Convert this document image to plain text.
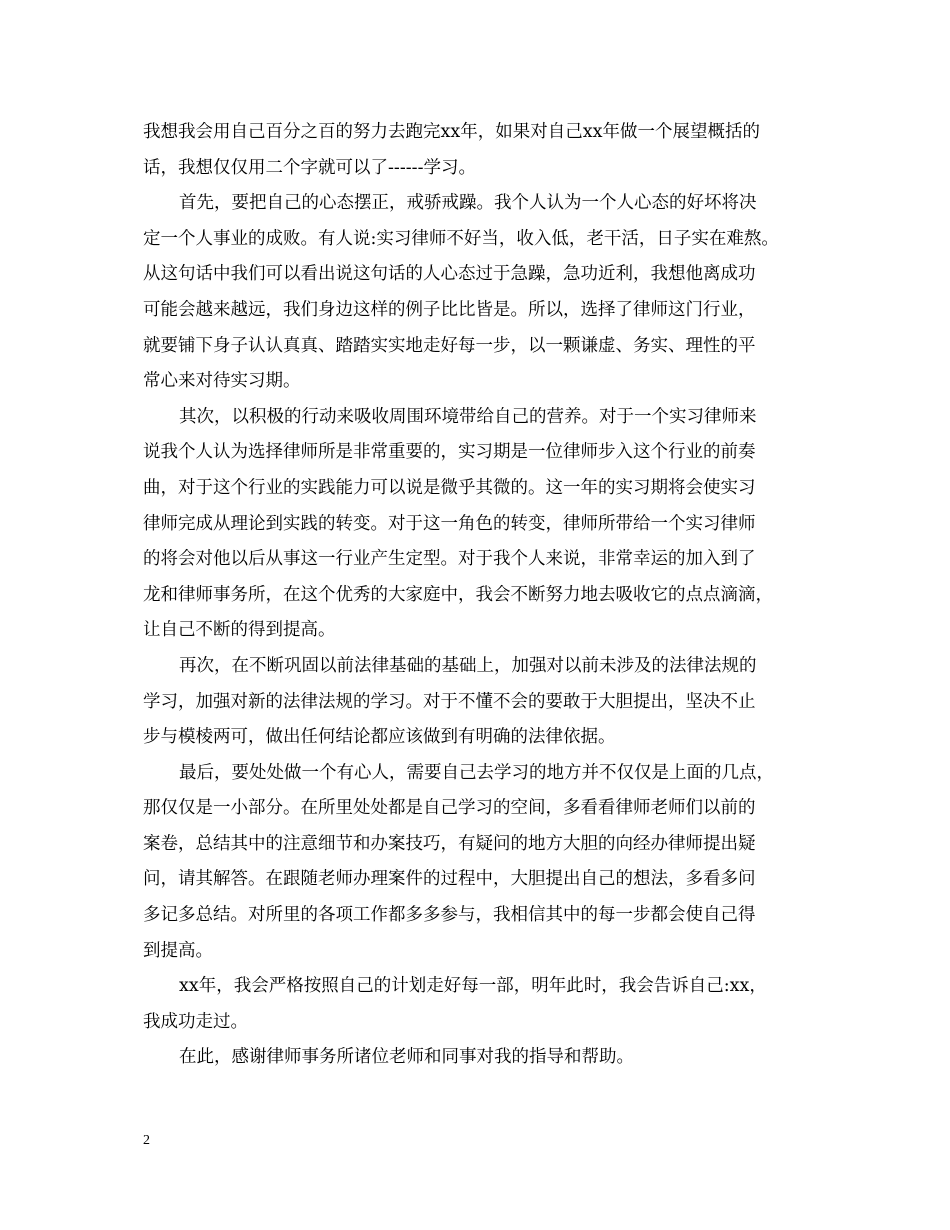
我想我会用自己百分之百的努力去跑完xx年，如果对自己xx年做一个展望概括的
话，我想仅仅用二个字就可以了------学习。
首先，要把自己的心态摆正，戒骄戒躁。我个人认为一个人心态的好坏将决
定一个人事业的成败。有人说:实习律师不好当，收入低，老干活，日子实在难熬。
从这句话中我们可以看出说这句话的人心态过于急躁，急功近利，我想他离成功
可能会越来越远，我们身边这样的例子比比皆是。所以，选择了律师这门行业，
就要铺下身子认认真真、踏踏实实地走好每一步，以一颗谦虚、务实、理性的平
常心来对待实习期。
其次，以积极的行动来吸收周围环境带给自己的营养。对于一个实习律师来
说我个人认为选择律师所是非常重要的，实习期是一位律师步入这个行业的前奏
曲，对于这个行业的实践能力可以说是微乎其微的。这一年的实习期将会使实习
律师完成从理论到实践的转变。对于这一角色的转变，律师所带给一个实习律师
的将会对他以后从事这一行业产生定型。对于我个人来说，非常幸运的加入到了
龙和律师事务所，在这个优秀的大家庭中，我会不断努力地去吸收它的点点滴滴，
让自己不断的得到提高。
再次，在不断巩固以前法律基础的基础上，加强对以前未涉及的法律法规的
学习，加强对新的法律法规的学习。对于不懂不会的要敢于大胆提出，坚决不止
步与模棱两可，做出任何结论都应该做到有明确的法律依据。
最后，要处处做一个有心人，需要自己去学习的地方并不仅仅是上面的几点，
那仅仅是一小部分。在所里处处都是自己学习的空间，多看看律师老师们以前的
案卷，总结其中的注意细节和办案技巧，有疑问的地方大胆的向经办律师提出疑
问，请其解答。在跟随老师办理案件的过程中，大胆提出自己的想法，多看多问
多记多总结。对所里的各项工作都多多参与，我相信其中的每一步都会使自己得
到提高。
xx年，我会严格按照自己的计划走好每一部，明年此时，我会告诉自己:xx，
我成功走过。
在此，感谢律师事务所诸位老师和同事对我的指导和帮助。
2
